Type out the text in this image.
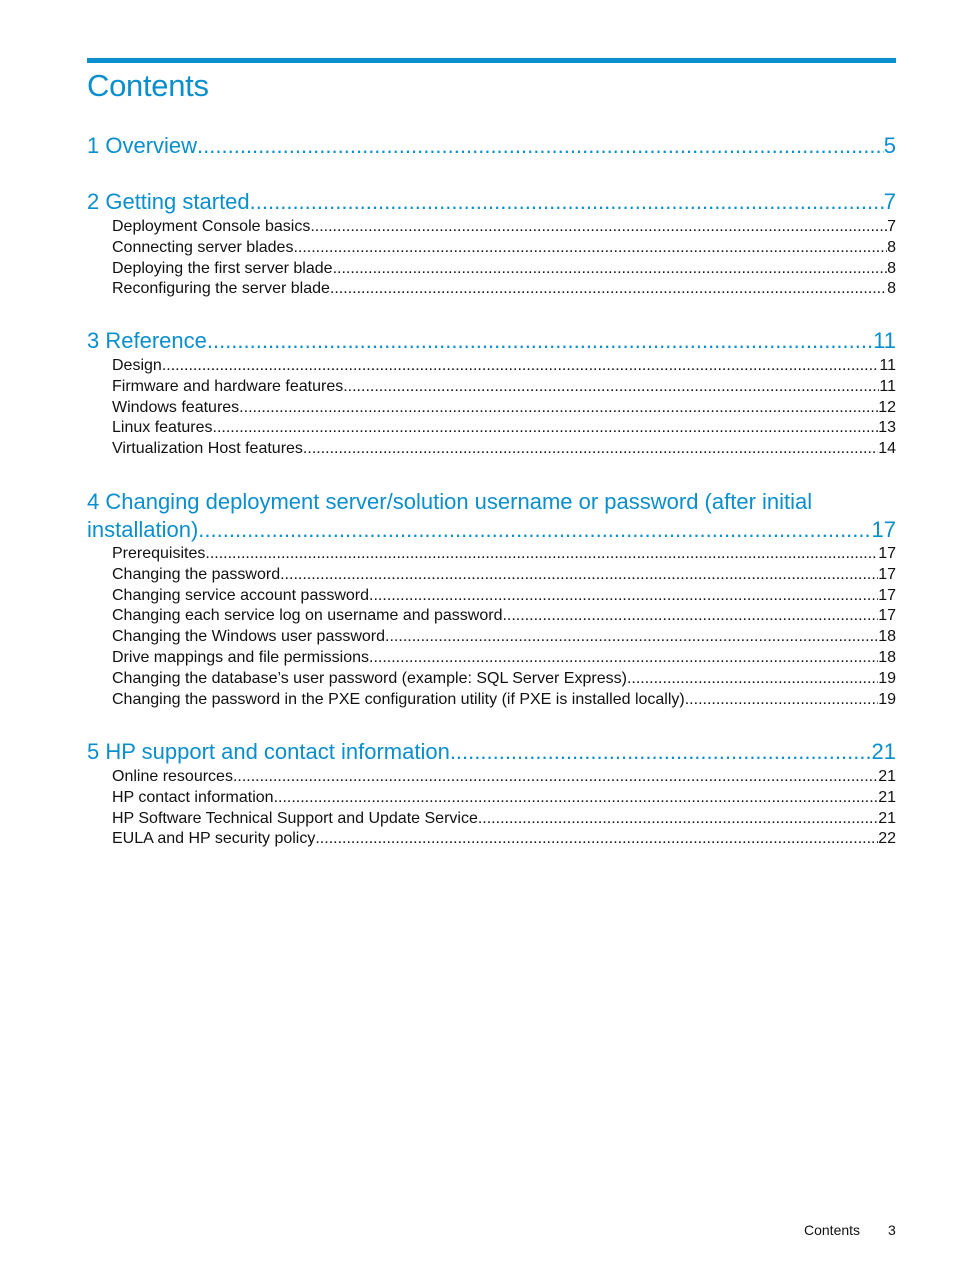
Contents
1 Overview .....	5
2 Getting started .....	7
Deployment Console basics .....	7
Connecting server blades .....	8
Deploying the first server blade .....	8
Reconfiguring the server blade .....	8
3 Reference .....	11
Design .....	11
Firmware and hardware features .....	11
Windows features .....	12
Linux features .....	13
Virtualization Host features .....	14
4 Changing deployment server/solution username or password (after initial
installation) .....	17
Prerequisites .....	17
Changing the password .....	17
Changing service account password .....	17
Changing each service log on username and password .....	17
Changing the Windows user password .....	18
Drive mappings and file permissions .....	18
Changing the database’s user password (example: SQL Server Express) .....	19
Changing the password in the PXE configuration utility (if PXE is installed locally) .....	19
5 HP support and contact information .....	21
Online resources .....	21
HP contact information .....	21
HP Software Technical Support and Update Service .....	21
EULA and HP security policy .....	22
Contents 3
